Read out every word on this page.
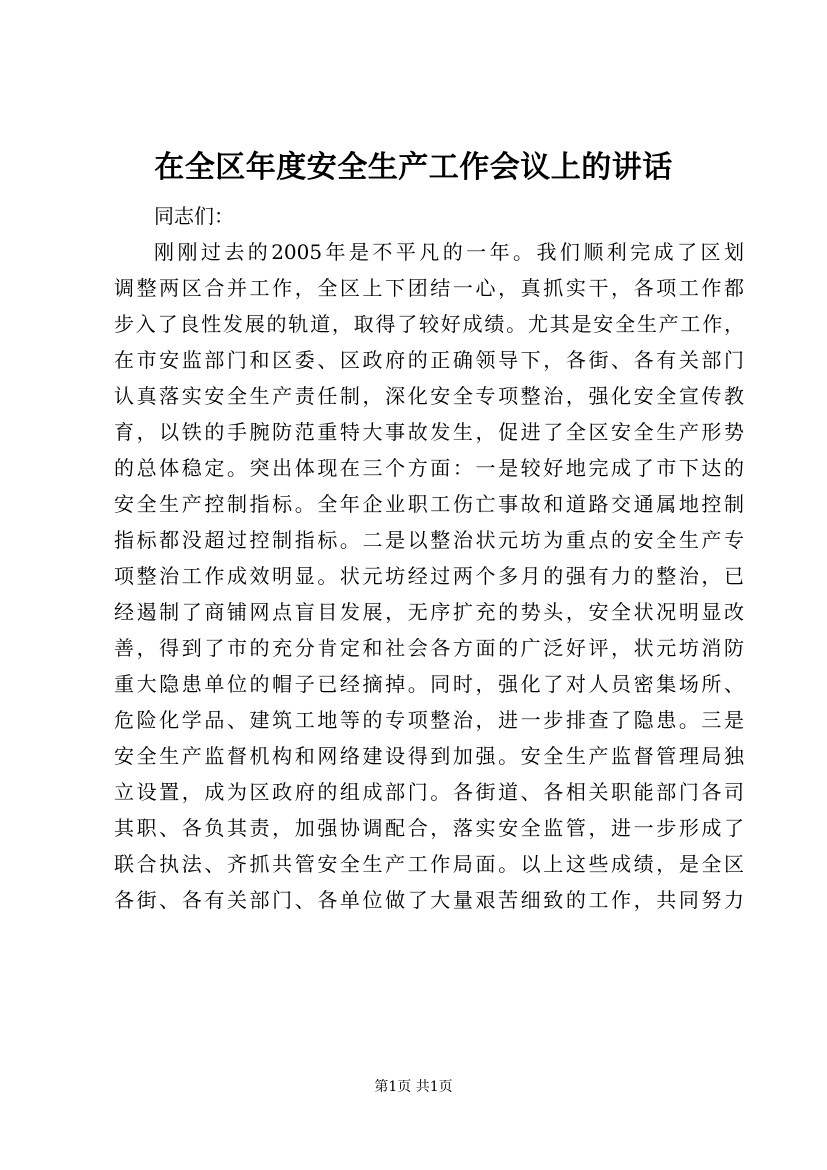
在全区年度安全生产工作会议上的讲话
同志们：
刚刚过去的2005年是不平凡的一年。我们顺利完成了区划
调整两区合并工作，全区上下团结一心，真抓实干，各项工作都
步入了良性发展的轨道，取得了较好成绩。尤其是安全生产工作，
在市安监部门和区委、区政府的正确领导下，各街、各有关部门
认真落实安全生产责任制，深化安全专项整治，强化安全宣传教
育，以铁的手腕防范重特大事故发生，促进了全区安全生产形势
的总体稳定。突出体现在三个方面：一是较好地完成了市下达的
安全生产控制指标。全年企业职工伤亡事故和道路交通属地控制
指标都没超过控制指标。二是以整治状元坊为重点的安全生产专
项整治工作成效明显。状元坊经过两个多月的强有力的整治，已
经遏制了商铺网点盲目发展，无序扩充的势头，安全状况明显改
善，得到了市的充分肯定和社会各方面的广泛好评，状元坊消防
重大隐患单位的帽子已经摘掉。同时，强化了对人员密集场所、
危险化学品、建筑工地等的专项整治，进一步排查了隐患。三是
安全生产监督机构和网络建设得到加强。安全生产监督管理局独
立设置，成为区政府的组成部门。各街道、各相关职能部门各司
其职、各负其责，加强协调配合，落实安全监管，进一步形成了
联合执法、齐抓共管安全生产工作局面。以上这些成绩，是全区
各街、各有关部门、各单位做了大量艰苦细致的工作，共同努力
第1页 共1页
